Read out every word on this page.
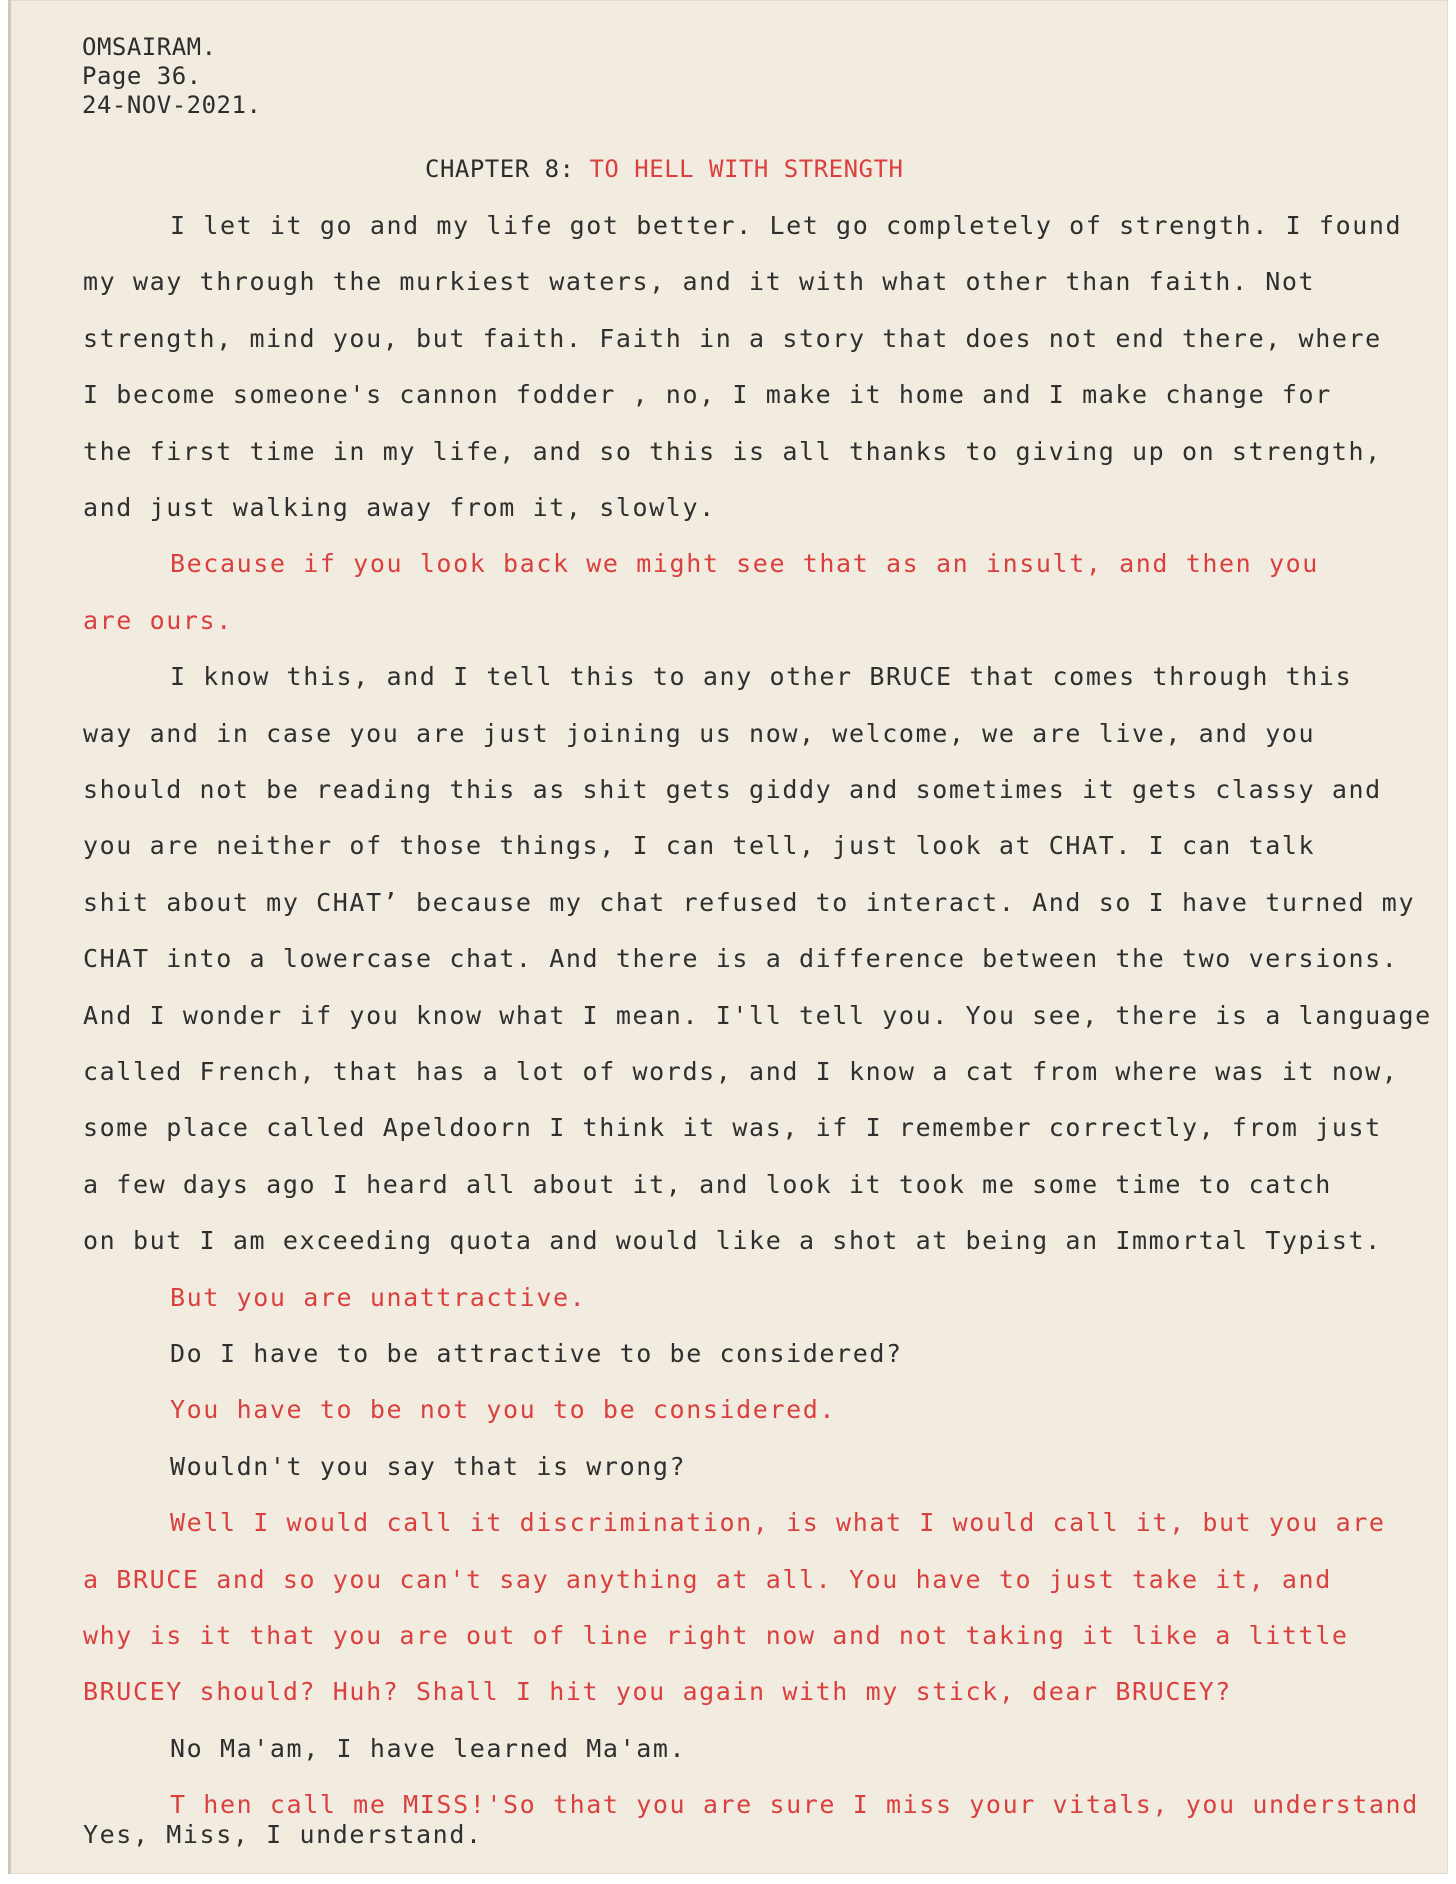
OMSAIRAM.
Page 36.
24-NOV-2021.
CHAPTER 8: TO HELL WITH STRENGTH
I let it go and my life got better. Let go completely of strength. I found
my way through the murkiest waters, and it with what other than faith. Not
strength, mind you, but faith. Faith in a story that does not end there, where
I become someone's cannon fodder , no, I make it home and I make change for
the first time in my life, and so this is all thanks to giving up on strength,
and just walking away from it, slowly.
Because if you look back we might see that as an insult, and then you
are ours.
I know this, and I tell this to any other BRUCE that comes through this
way and in case you are just joining us now, welcome, we are live, and you
should not be reading this as shit gets giddy and sometimes it gets classy and
you are neither of those things, I can tell, just look at CHAT. I can talk
shit about my CHAT’ because my chat refused to interact. And so I have turned my
CHAT into a lowercase chat. And there is a difference between the two versions.
And I wonder if you know what I mean. I'll tell you. You see, there is a language
called French, that has a lot of words, and I know a cat from where was it now,
some place called Apeldoorn I think it was, if I remember correctly, from just
a few days ago I heard all about it, and look it took me some time to catch
on but I am exceeding quota and would like a shot at being an Immortal Typist.
But you are unattractive.
Do I have to be attractive to be considered?
You have to be not you to be considered.
Wouldn't you say that is wrong?
Well I would call it discrimination, is what I would call it, but you are
a BRUCE and so you can't say anything at all. You have to just take it, and
why is it that you are out of line right now and not taking it like a little
BRUCEY should? Huh? Shall I hit you again with my stick, dear BRUCEY?
No Ma'am, I have learned Ma'am.
T hen call me MISS!'So that you are sure I miss your vitals, you understand
Yes, Miss, I understand.
